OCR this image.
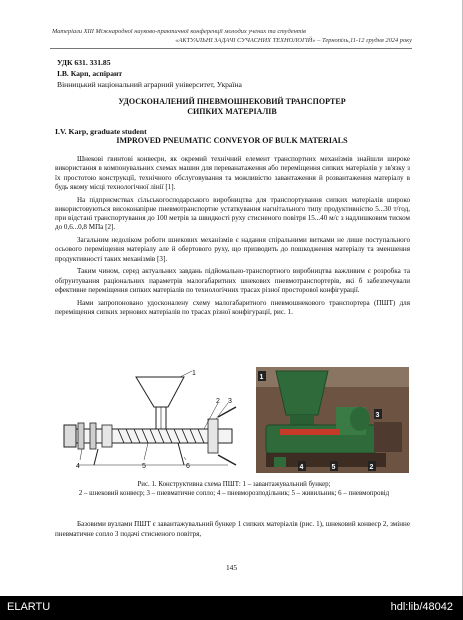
Матеріали XIII Міжнародної науково-практичної конференції молодих учених та студентів
«АКТУАЛЬНІ ЗАДАЧІ СУЧАСНИХ ТЕХНОЛОГІЙ» – Тернопіль,11-12 грудня 2024 року
УДК 631. 331.85
І.В. Карп, аспірант
Вінницький національний аграрний університет, Україна
УДОСКОНАЛЕНИЙ ПНЕВМОШНЕКОВИЙ ТРАНСПОРТЕР
СИПКИХ МАТЕРІАЛІВ
I.V. Karp, graduate student
IMPROVED PNEUMATIC CONVEYOR OF BULK MATERIALS

Шнекові гвинтові конвеєри, як окремий технічний елемент транспортних механізмів знайшли широке використання в компонувальних схемах машин для переванатаження або переміщення сипких матеріалів у зв'язку з їх простотою конструкції, технічного обслуговування та можливістю завантаження й розвантаження матеріалу в будь якому місці технологічної лінії [1].

На підприємствах сільськогосподарського виробництва для транспортування сипких матеріалів широко використовуються високонапірне пневмотранспортне устаткування нагнітального типу продуктивністю 5...30 т/год, при відстані транспортування до 100 метрів за швидкості руху стисненого повітря 15...40 м/с з надлишковим тиском до 0,6...0,8 МПа [2].

Загальним недоліком роботи шнекових механізмів є надання спіральними витками не лише поступального осьового переміщення матеріалу але й обертового руху, що призводить до пошкодження матеріалу та зменшення продуктивності таких механізмів [3].

Таким чином, серед актуальних завдань підйомально-транспортного виробництва важливим є розробка та обґрунтування раціональних параметрів малогабаритних шнекових пневмотранспортерів, які б забезпечували ефективне переміщення сипких матеріалів по технологічних трасах різної просторової конфігурації.

Нами запропоновано удосконалену схему малогабаритного пневмошнекового транспортера (ПШТ) для переміщення сипких зернових матеріалів по трасах різної конфігурації, рис. 1.

1
2 3
4	5	6
1
3
4	5	2
Рис. 1. Конструктивна схема ПШТ: 1 – завантажувальний бункер;
2 – шнековий конвеєр; 3 – пневматичне сопло; 4 – пневморозподільник; 5 – живильник; 6 – пневмопровід

Базовими вузлами ПШТ є завантажувальний бункер 1 сипких матеріалів (рис. 1), шнековий конвеєр 2, змінне пневматичне сопло 3 подачі стисненого повітря,

145
ELARTU	hdl:lib/48042
